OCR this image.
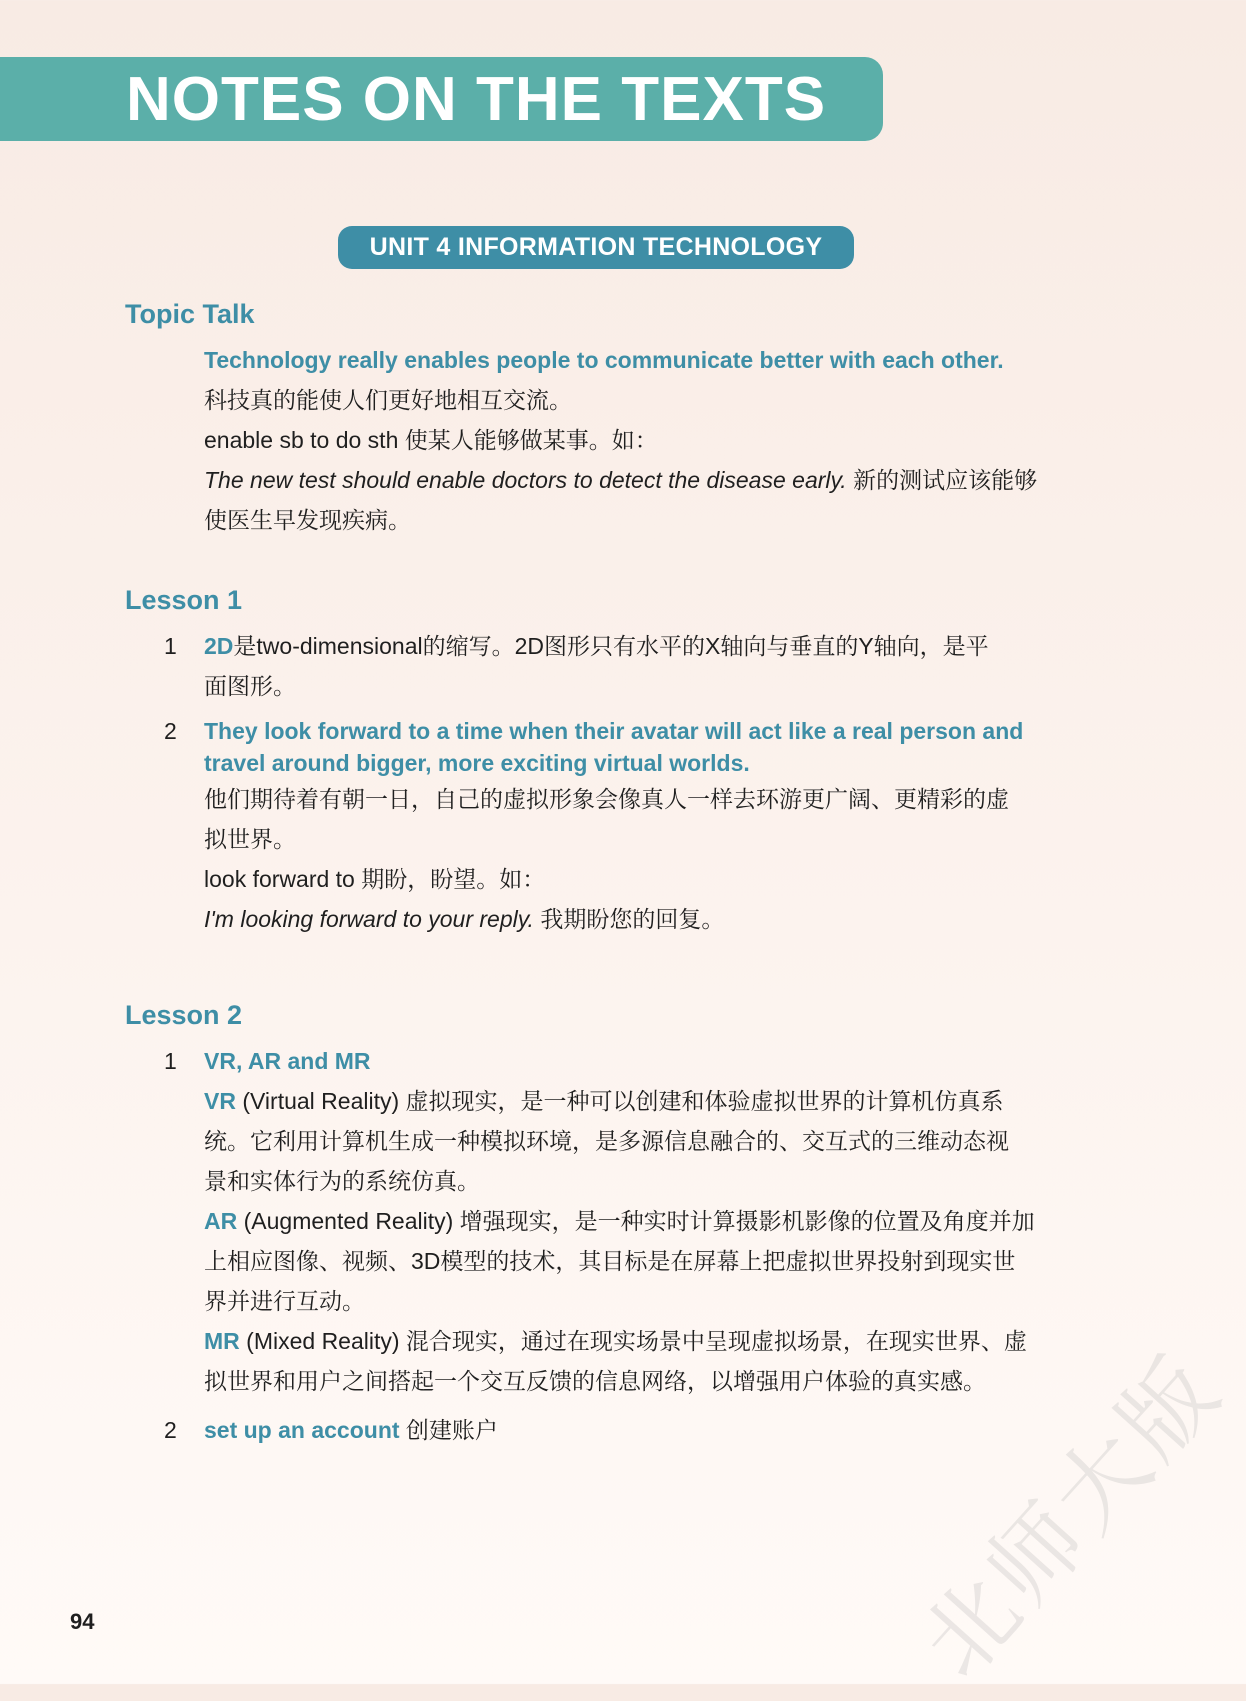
NOTES ON THE TEXTS
UNIT 4 INFORMATION TECHNOLOGY
Topic Talk
Technology really enables people to communicate better with each other.
科技真的能使人们更好地相互交流。
enable sb to do sth 使某人能够做某事。如：
The new test should enable doctors to detect the disease early. 新的测试应该能够
使医生早发现疾病。
Lesson 1
1 2D是two-dimensional的缩写。2D图形只有水平的X轴向与垂直的Y轴向，是平
面图形。
2 They look forward to a time when their avatar will act like a real person and
travel around bigger, more exciting virtual worlds.
他们期待着有朝一日，自己的虚拟形象会像真人一样去环游更广阔、更精彩的虚
拟世界。
look forward to 期盼，盼望。如：
I'm looking forward to your reply. 我期盼您的回复。
Lesson 2
1 VR, AR and MR
VR (Virtual Reality) 虚拟现实，是一种可以创建和体验虚拟世界的计算机仿真系
统。它利用计算机生成一种模拟环境，是多源信息融合的、交互式的三维动态视
景和实体行为的系统仿真。
AR (Augmented Reality) 增强现实，是一种实时计算摄影机影像的位置及角度并加
上相应图像、视频、3D模型的技术，其目标是在屏幕上把虚拟世界投射到现实世
界并进行互动。
MR (Mixed Reality) 混合现实，通过在现实场景中呈现虚拟场景，在现实世界、虚
拟世界和用户之间搭起一个交互反馈的信息网络，以增强用户体验的真实感。
2 set up an account 创建账户
94	北师大版
